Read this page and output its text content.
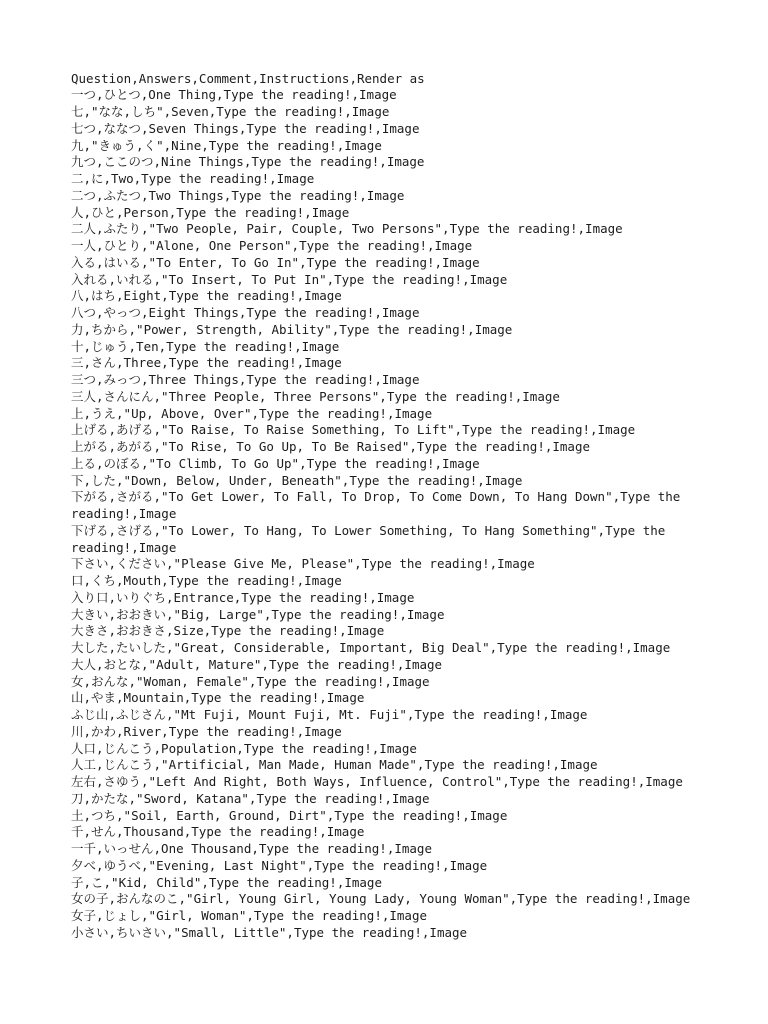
Question,Answers,Comment,Instructions,Render as
一つ,ひとつ,One Thing,Type the reading!,Image
七,"なな,しち",Seven,Type the reading!,Image
七つ,ななつ,Seven Things,Type the reading!,Image
九,"きゅう,く",Nine,Type the reading!,Image
九つ,ここのつ,Nine Things,Type the reading!,Image
二,に,Two,Type the reading!,Image
二つ,ふたつ,Two Things,Type the reading!,Image
人,ひと,Person,Type the reading!,Image
二人,ふたり,"Two People, Pair, Couple, Two Persons",Type the reading!,Image
一人,ひとり,"Alone, One Person",Type the reading!,Image
入る,はいる,"To Enter, To Go In",Type the reading!,Image
入れる,いれる,"To Insert, To Put In",Type the reading!,Image
八,はち,Eight,Type the reading!,Image
八つ,やっつ,Eight Things,Type the reading!,Image
力,ちから,"Power, Strength, Ability",Type the reading!,Image
十,じゅう,Ten,Type the reading!,Image
三,さん,Three,Type the reading!,Image
三つ,みっつ,Three Things,Type the reading!,Image
三人,さんにん,"Three People, Three Persons",Type the reading!,Image
上,うえ,"Up, Above, Over",Type the reading!,Image
上げる,あげる,"To Raise, To Raise Something, To Lift",Type the reading!,Image
上がる,あがる,"To Rise, To Go Up, To Be Raised",Type the reading!,Image
上る,のぼる,"To Climb, To Go Up",Type the reading!,Image
下,した,"Down, Below, Under, Beneath",Type the reading!,Image
下がる,さがる,"To Get Lower, To Fall, To Drop, To Come Down, To Hang Down",Type the reading!,Image
下げる,さげる,"To Lower, To Hang, To Lower Something, To Hang Something",Type the reading!,Image
下さい,ください,"Please Give Me, Please",Type the reading!,Image
口,くち,Mouth,Type the reading!,Image
入り口,いりぐち,Entrance,Type the reading!,Image
大きい,おおきい,"Big, Large",Type the reading!,Image
大きさ,おおきさ,Size,Type the reading!,Image
大した,たいした,"Great, Considerable, Important, Big Deal",Type the reading!,Image
大人,おとな,"Adult, Mature",Type the reading!,Image
女,おんな,"Woman, Female",Type the reading!,Image
山,やま,Mountain,Type the reading!,Image
ふじ山,ふじさん,"Mt Fuji, Mount Fuji, Mt. Fuji",Type the reading!,Image
川,かわ,River,Type the reading!,Image
人口,じんこう,Population,Type the reading!,Image
人工,じんこう,"Artificial, Man Made, Human Made",Type the reading!,Image
左右,さゆう,"Left And Right, Both Ways, Influence, Control",Type the reading!,Image
刀,かたな,"Sword, Katana",Type the reading!,Image
土,つち,"Soil, Earth, Ground, Dirt",Type the reading!,Image
千,せん,Thousand,Type the reading!,Image
一千,いっせん,One Thousand,Type the reading!,Image
夕べ,ゆうべ,"Evening, Last Night",Type the reading!,Image
子,こ,"Kid, Child",Type the reading!,Image
女の子,おんなのこ,"Girl, Young Girl, Young Lady, Young Woman",Type the reading!,Image
女子,じょし,"Girl, Woman",Type the reading!,Image
小さい,ちいさい,"Small, Little",Type the reading!,Image
